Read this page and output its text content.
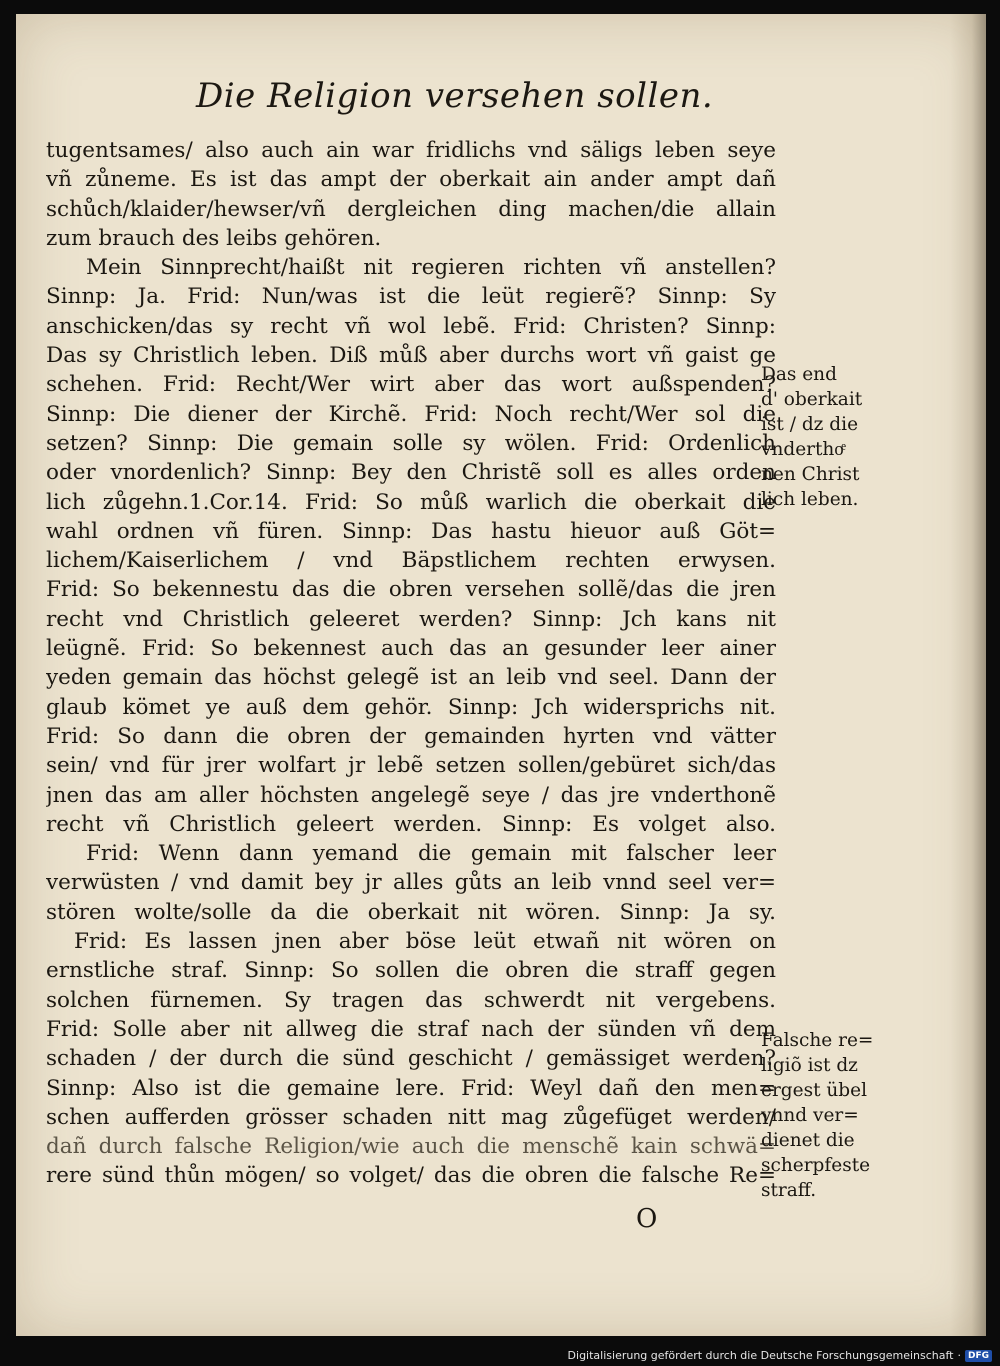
Die Religion versehen sollen.
tugentsames/ also auch ain war fridlichs vnd säligs leben seye
vñ zůneme. Es ist das ampt der oberkait ain ander ampt dañ
schůch/klaider/hewser/vñ dergleichen ding machen/die allain
zum brauch des leibs gehören.
Mein Sinnprecht/haißt nit regieren richten vñ anstellen?
Sinnp: Ja. Frid: Nun/was ist die leüt regierẽ? Sinnp: Sy
anschicken/das sy recht vñ wol lebẽ. Frid: Christen? Sinnp:
Das sy Christlich leben. Diß můß aber durchs wort vñ gaist ge
schehen. Frid: Recht/Wer wirt aber das wort außspenden?
Sinnp: Die diener der Kirchẽ. Frid: Noch recht/Wer sol die
setzen? Sinnp: Die gemain solle sy wölen. Frid: Ordenlich
oder vnordenlich? Sinnp: Bey den Christẽ soll es alles orden
lich zůgehn.1.Cor.14. Frid: So můß warlich die oberkait die
wahl ordnen vñ füren. Sinnp: Das hastu hieuor auß Göt=
lichem/Kaiserlichem / vnd Bäpstlichem rechten erwysen.
Frid: So bekennestu das die obren versehen sollẽ/das die jren
recht vnd Christlich geleeret werden? Sinnp: Jch kans nit
leügnẽ. Frid: So bekennest auch das an gesunder leer ainer
yeden gemain das höchst gelegẽ ist an leib vnd seel. Dann der
glaub kömet ye auß dem gehör. Sinnp: Jch widersprichs nit.
Frid: So dann die obren der gemainden hyrten vnd vätter
sein/ vnd für jrer wolfart jr lebẽ setzen sollen/gebüret sich/das
jnen das am aller höchsten angelegẽ seye / das jre vnderthonẽ
recht vñ Christlich geleert werden. Sinnp: Es volget also.
Frid: Wenn dann yemand die gemain mit falscher leer
verwüsten / vnd damit bey jr alles gůts an leib vnnd seel ver=
stören wolte/solle da die oberkait nit wören. Sinnp: Ja sy.
Frid: Es lassen jnen aber böse leüt etwañ nit wören on
ernstliche straf. Sinnp: So sollen die obren die straff gegen
solchen fürnemen. Sy tragen das schwerdt nit vergebens.
Frid: Solle aber nit allweg die straf nach der sünden vñ dem
schaden / der durch die sünd geschicht / gemässiget werden?
Sinnp: Also ist die gemaine lere. Frid: Weyl dañ den men=
schen aufferden grösser schaden nitt mag zůgefüget werden/
dañ durch falsche Religion/wie auch die menschẽ kain schwä=
rere sünd thůn mögen/ so volget/ das die obren die falsche Re=
Das end
d' oberkait
ist / dz die
vnderthoͤ
nen Christ
lich leben.
Falsche re=
ligiõ ist dz
ergest übel
vnnd ver=
dienet die
scherpfeste
straff.
O
Digitalisierung gefördert durch die Deutsche Forschungsgemeinschaft · DFG
